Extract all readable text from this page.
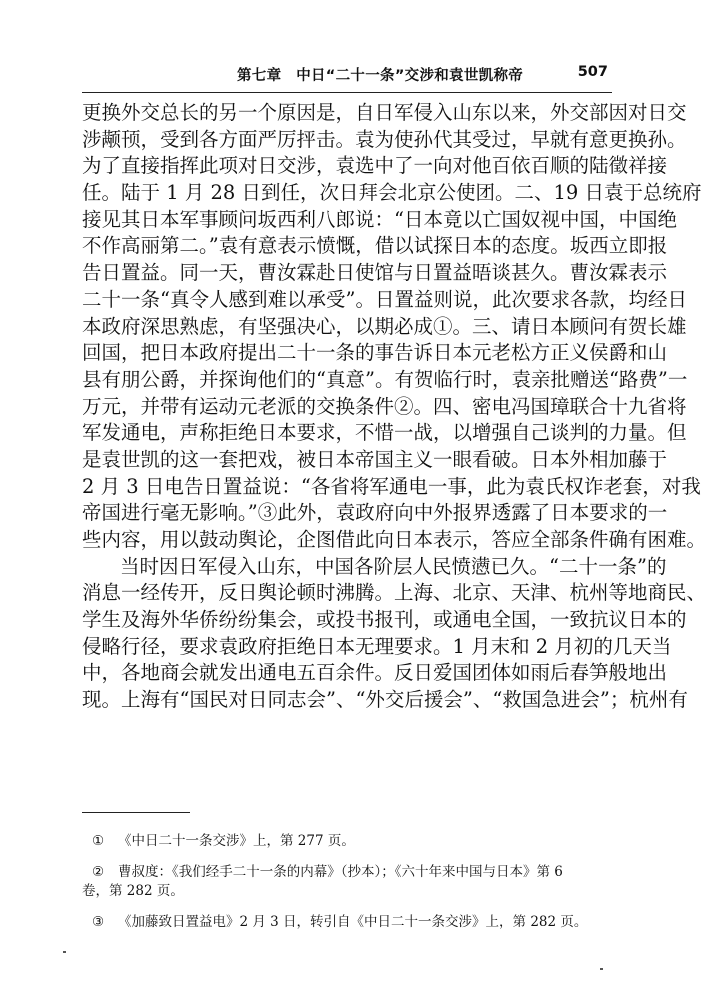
第七章　中日“二十一条”交涉和袁世凯称帝	507
更换外交总长的另一个原因是，自日军侵入山东以来，外交部因对日交
涉颟顸，受到各方面严厉抨击。袁为使孙代其受过，早就有意更换孙。
为了直接指挥此项对日交涉，袁选中了一向对他百依百顺的陆徵祥接
任。陆于 1 月 28 日到任，次日拜会北京公使团。二、19 日袁于总统府
接见其日本军事顾问坂西利八郎说：“日本竟以亡国奴视中国，中国绝
不作高丽第二。”袁有意表示愤慨，借以试探日本的态度。坂西立即报
告日置益。同一天，曹汝霖赴日使馆与日置益晤谈甚久。曹汝霖表示
二十一条“真令人感到难以承受”。日置益则说，此次要求各款，均经日
本政府深思熟虑，有坚强决心，以期必成①。三、请日本顾问有贺长雄
回国，把日本政府提出二十一条的事告诉日本元老松方正义侯爵和山
县有朋公爵，并探询他们的“真意”。有贺临行时，袁亲批赠送“路费”一
万元，并带有运动元老派的交换条件②。四、密电冯国璋联合十九省将
军发通电，声称拒绝日本要求，不惜一战，以增强自己谈判的力量。但
是袁世凯的这一套把戏，被日本帝国主义一眼看破。日本外相加藤于
2 月 3 日电告日置益说：“各省将军通电一事，此为袁氏权诈老套，对我
帝国进行毫无影响。”③此外，袁政府向中外报界透露了日本要求的一
些内容，用以鼓动舆论，企图借此向日本表示，答应全部条件确有困难。
当时因日军侵入山东，中国各阶层人民愤懑已久。“二十一条”的
消息一经传开，反日舆论顿时沸腾。上海、北京、天津、杭州等地商民、
学生及海外华侨纷纷集会，或投书报刊，或通电全国，一致抗议日本的
侵略行径，要求袁政府拒绝日本无理要求。1 月末和 2 月初的几天当
中，各地商会就发出通电五百余件。反日爱国团体如雨后春笋般地出
现。上海有“国民对日同志会”、“外交后援会”、“救国急进会”；杭州有
① 《中日二十一条交涉》上，第 277 页。
② 曹叔度：《我们经手二十一条的内幕》（抄本）；《六十年来中国与日本》第 6
卷，第 282 页。
③ 《加藤致日置益电》2 月 3 日，转引自《中日二十一条交涉》上，第 282 页。
